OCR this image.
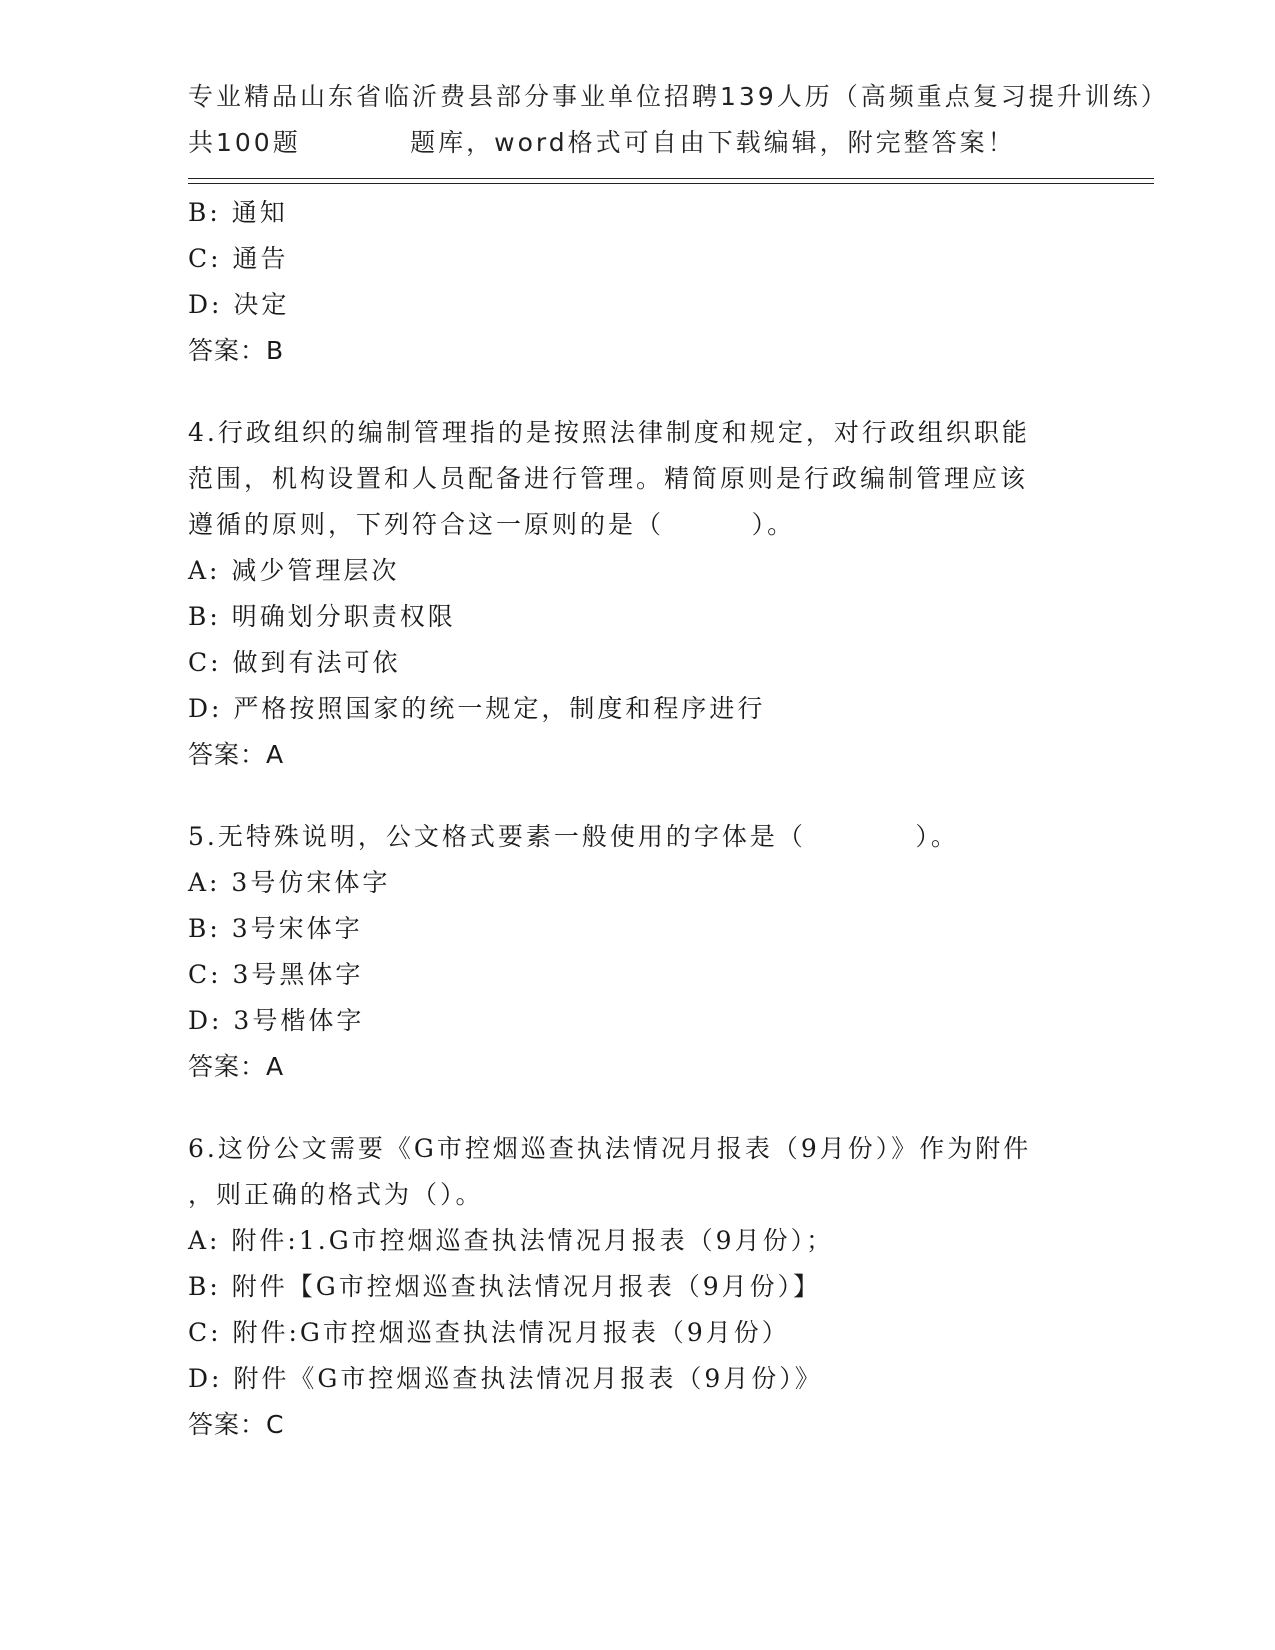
专业精品山东省临沂费县部分事业单位招聘139人历（高频重点复习提升训练）
共100题          题库，word格式可自由下载编辑，附完整答案！
B: 通知
C: 通告
D: 决定
答案：B
4.行政组织的编制管理指的是按照法律制度和规定，对行政组织职能
范围，机构设置和人员配备进行管理。精简原则是行政编制管理应该
遵循的原则，下列符合这一原则的是（        ）。
A: 减少管理层次
B: 明确划分职责权限
C: 做到有法可依
D: 严格按照国家的统一规定，制度和程序进行
答案：A
5.无特殊说明，公文格式要素一般使用的字体是（          ）。
A: 3号仿宋体字
B: 3号宋体字
C: 3号黑体字
D: 3号楷体字
答案：A
6.这份公文需要《G市控烟巡查执法情况月报表（9月份）》作为附件
，则正确的格式为（）。
A: 附件:1.G市控烟巡查执法情况月报表（9月份）；
B: 附件【G市控烟巡查执法情况月报表（9月份）】
C: 附件:G市控烟巡查执法情况月报表（9月份）
D: 附件《G市控烟巡查执法情况月报表（9月份）》
答案：C
